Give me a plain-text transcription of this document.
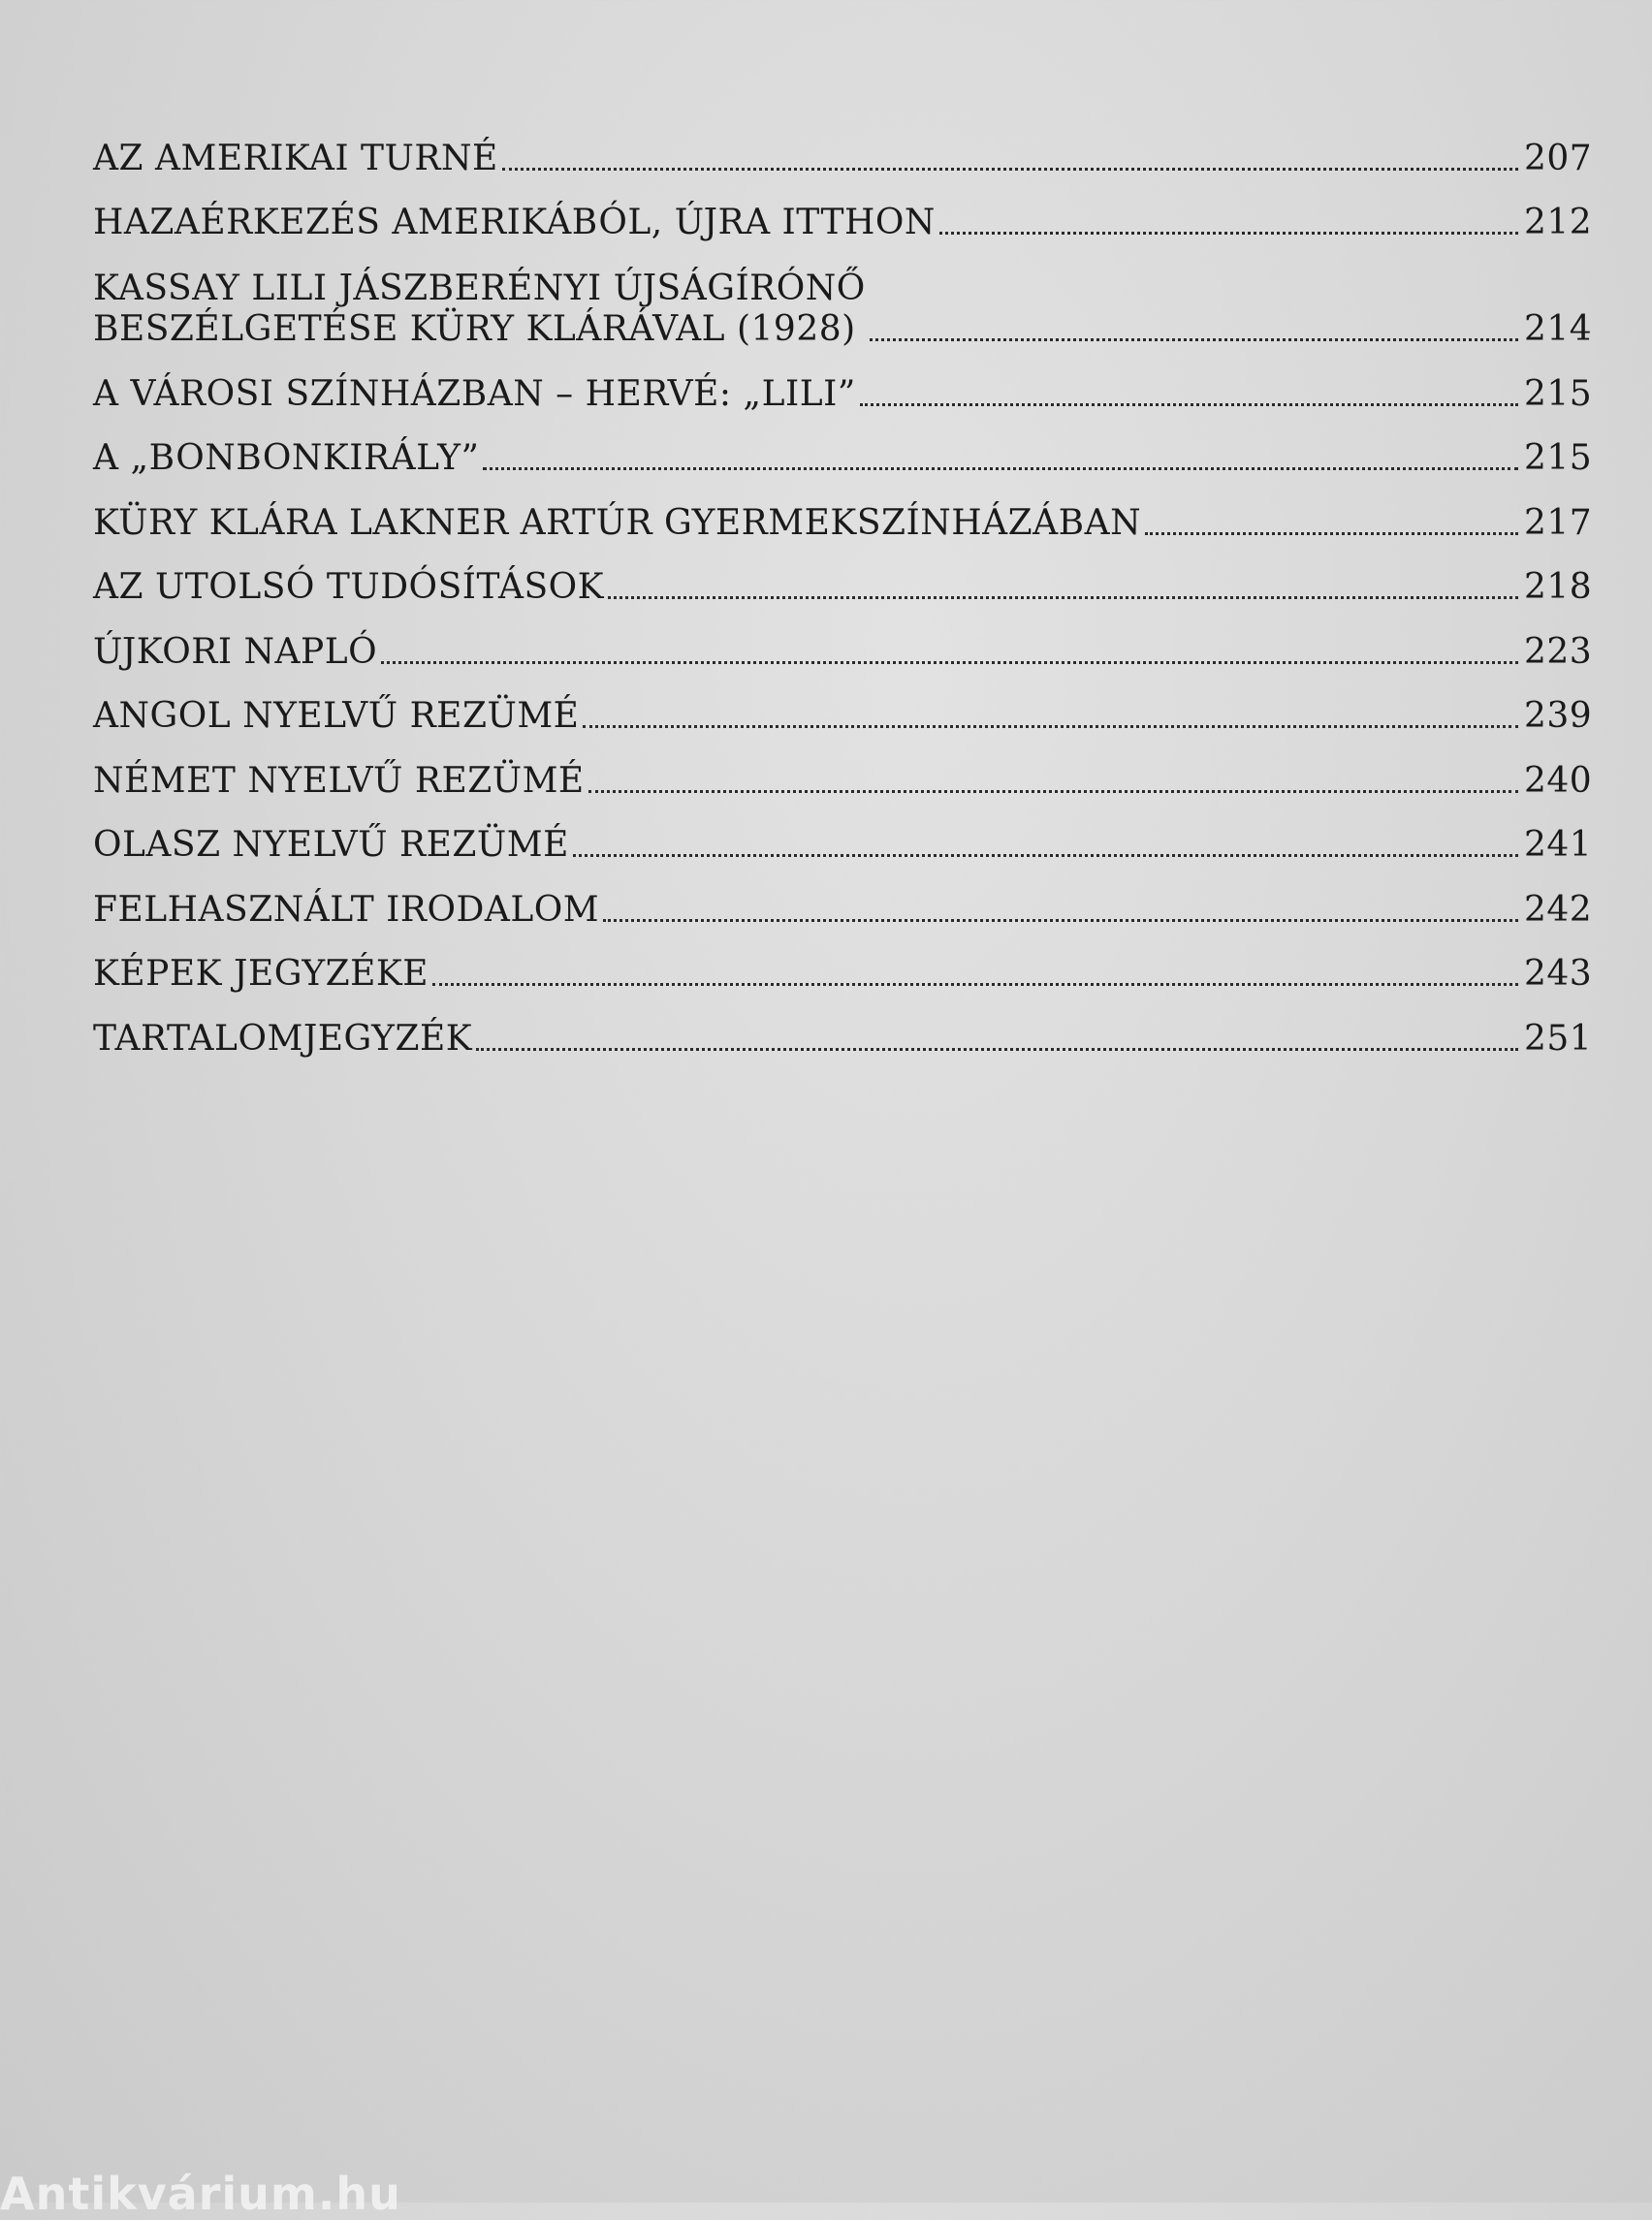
AZ AMERIKAI TURNÉ	207
HAZAÉRKEZÉS AMERIKÁBÓL, ÚJRA ITTHON	212
KASSAY LILI JÁSZBERÉNYI ÚJSÁGÍRÓNŐ
BESZÉLGETÉSE KÜRY KLÁRÁVAL (1928)	214
A VÁROSI SZÍNHÁZBAN – HERVÉ: „LILI”	215
A „BONBONKIRÁLY”	215
KÜRY KLÁRA LAKNER ARTÚR GYERMEKSZÍNHÁZÁBAN	217
AZ UTOLSÓ TUDÓSÍTÁSOK	218
ÚJKORI NAPLÓ	223
ANGOL NYELVŰ REZÜMÉ	239
NÉMET NYELVŰ REZÜMÉ	240
OLASZ NYELVŰ REZÜMÉ	241
FELHASZNÁLT IRODALOM	242
KÉPEK JEGYZÉKE	243
TARTALOMJEGYZÉK	251
Antikvárium.hu
